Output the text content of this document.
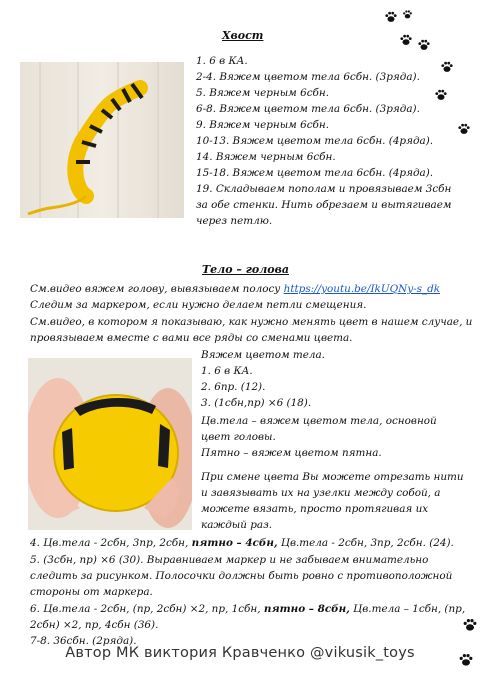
Хвост
1. 6 в КА.
2-4. Вяжем цветом тела 6сбн. (3ряда).
5. Вяжем черным 6сбн.
6-8. Вяжем цветом тела 6сбн. (3ряда).
9. Вяжем черным 6сбн.
10-13. Вяжем цветом тела 6сбн. (4ряда).
14. Вяжем черным 6сбн.
15-18. Вяжем цветом тела 6сбн. (4ряда).
19. Складываем пополам и провязываем 3сбн
за обе стенки. Нить обрезаем и вытягиваем
через петлю.
Тело – голова
См.видео вяжем голову, вывязываем полосу https://youtu.be/IkUQNy-s_dk
Следим за маркером, если нужно делаем петли смещения.
См.видео, в котором я показываю, как нужно менять цвет в нашем случае, и
провязываем вместе с вами все ряды со сменами цвета.
Вяжем цветом тела.
1. 6 в КА.
2. 6пр. (12).
3. (1сбн,пр) ×6 (18).
Цв.тела – вяжем цветом тела, основной
цвет головы.
Пятно – вяжем цветом пятна.
При смене цвета Вы можете отрезать нити
и завязывать их на узелки между собой, а
можете вязать, просто протягивая их
каждый раз.
4. Цв.тела - 2сбн, 3пр, 2сбн, пятно – 4сбн, Цв.тела - 2сбн, 3пр, 2сбн. (24).
5. (3сбн, пр) ×6 (30). Выравниваем маркер и не забываем внимательно
следить за рисунком. Полосочки должны быть ровно с противоположной
стороны от маркера.
6. Цв.тела - 2сбн, (пр, 2сбн) ×2, пр, 1сбн, пятно – 8сбн, Цв.тела – 1сбн, (пр,
2сбн) ×2, пр, 4сбн (36).
7-8. 36сбн. (2ряда).
Автор МК виктория Кравченко @vikusik_toys
